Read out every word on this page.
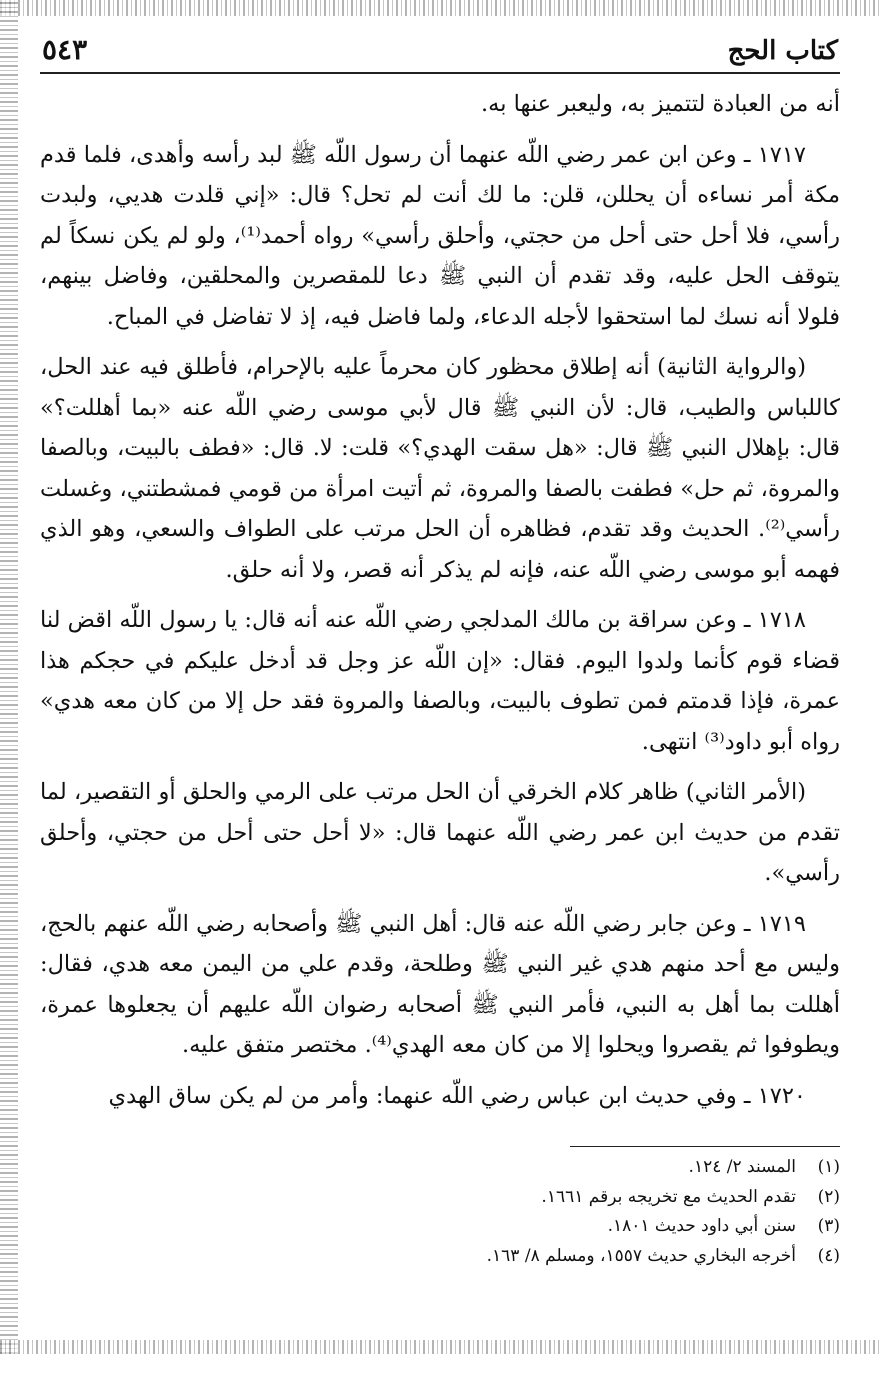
كتاب الحج
٥٤٣

أنه من العبادة لتتميز به، وليعبر عنها به.

١٧١٧ ـ وعن ابن عمر رضي اللّه عنهما أن رسول اللّه ﷺ لبد رأسه وأهدى، فلما قدم مكة أمر نساءه أن يحللن، قلن: ما لك أنت لم تحل؟ قال: «إني قلدت هديي، ولبدت رأسي، فلا أحل حتى أحل من حجتي، وأحلق رأسي» رواه أحمد⁽¹⁾، ولو لم يكن نسكاً لم يتوقف الحل عليه، وقد تقدم أن النبي ﷺ دعا للمقصرين والمحلقين، وفاضل بينهم، فلولا أنه نسك لما استحقوا لأجله الدعاء، ولما فاضل فيه، إذ لا تفاضل في المباح.

(والرواية الثانية) أنه إطلاق محظور كان محرماً عليه بالإحرام، فأطلق فيه عند الحل، كاللباس والطيب، قال: لأن النبي ﷺ قال لأبي موسى رضي اللّه عنه «بما أهللت؟» قال: بإهلال النبي ﷺ قال: «هل سقت الهدي؟» قلت: لا. قال: «فطف بالبيت، وبالصفا والمروة، ثم حل» فطفت بالصفا والمروة، ثم أتيت امرأة من قومي فمشطتني، وغسلت رأسي⁽²⁾. الحديث وقد تقدم، فظاهره أن الحل مرتب على الطواف والسعي، وهو الذي فهمه أبو موسى رضي اللّه عنه، فإنه لم يذكر أنه قصر، ولا أنه حلق.

١٧١٨ ـ وعن سراقة بن مالك المدلجي رضي اللّه عنه أنه قال: يا رسول اللّه اقض لنا قضاء قوم كأنما ولدوا اليوم. فقال: «إن اللّه عز وجل قد أدخل عليكم في حجكم هذا عمرة، فإذا قدمتم فمن تطوف بالبيت، وبالصفا والمروة فقد حل إلا من كان معه هدي» رواه أبو داود⁽³⁾ انتهى.

(الأمر الثاني) ظاهر كلام الخرقي أن الحل مرتب على الرمي والحلق أو التقصير، لما تقدم من حديث ابن عمر رضي اللّه عنهما قال: «لا أحل حتى أحل من حجتي، وأحلق رأسي».

١٧١٩ ـ وعن جابر رضي اللّه عنه قال: أهل النبي ﷺ وأصحابه رضي اللّه عنهم بالحج، وليس مع أحد منهم هدي غير النبي ﷺ وطلحة، وقدم علي من اليمن معه هدي، فقال: أهللت بما أهل به النبي، فأمر النبي ﷺ أصحابه رضوان اللّه عليهم أن يجعلوها عمرة، ويطوفوا ثم يقصروا ويحلوا إلا من كان معه الهدي⁽⁴⁾. مختصر متفق عليه.

١٧٢٠ ـ وفي حديث ابن عباس رضي اللّه عنهما: وأمر من لم يكن ساق الهدي

(١)
المسند ٢/ ١٢٤.
(٢)
تقدم الحديث مع تخريجه برقم ١٦٦١.
(٣)
سنن أبي داود حديث ١٨٠١.
(٤)
أخرجه البخاري حديث ١٥٥٧، ومسلم ٨/ ١٦٣.
